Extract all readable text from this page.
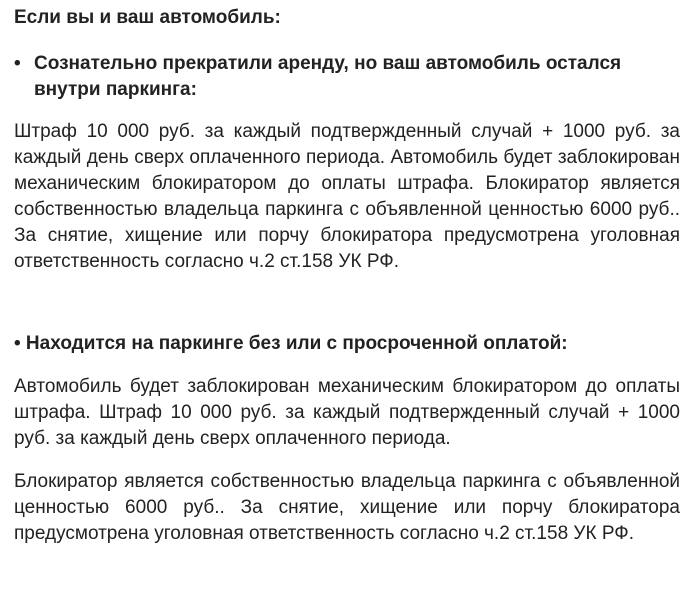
Если вы и ваш автомобиль:

• Сознательно прекратили аренду, но ваш автомобиль остался внутри паркинга:

Штраф 10 000 руб. за каждый подтвержденный случай + 1000 руб. за каждый день сверх оплаченного периода. Автомобиль будет заблокирован механическим блокиратором до оплаты штрафа. Блокиратор является собственностью владельца паркинга с объявленной ценностью 6000 руб.. За снятие, хищение или порчу блокиратора предусмотрена уголовная ответственность согласно ч.2 ст.158 УК РФ.

• Находится на паркинге без или с просроченной оплатой:

Автомобиль будет заблокирован механическим блокиратором до оплаты штрафа. Штраф 10 000 руб. за каждый подтвержденный случай + 1000 руб. за каждый день сверх оплаченного периода.

Блокиратор является собственностью владельца паркинга с объявленной ценностью 6000 руб.. За снятие, хищение или порчу блокиратора предусмотрена уголовная ответственность согласно ч.2 ст.158 УК РФ.
